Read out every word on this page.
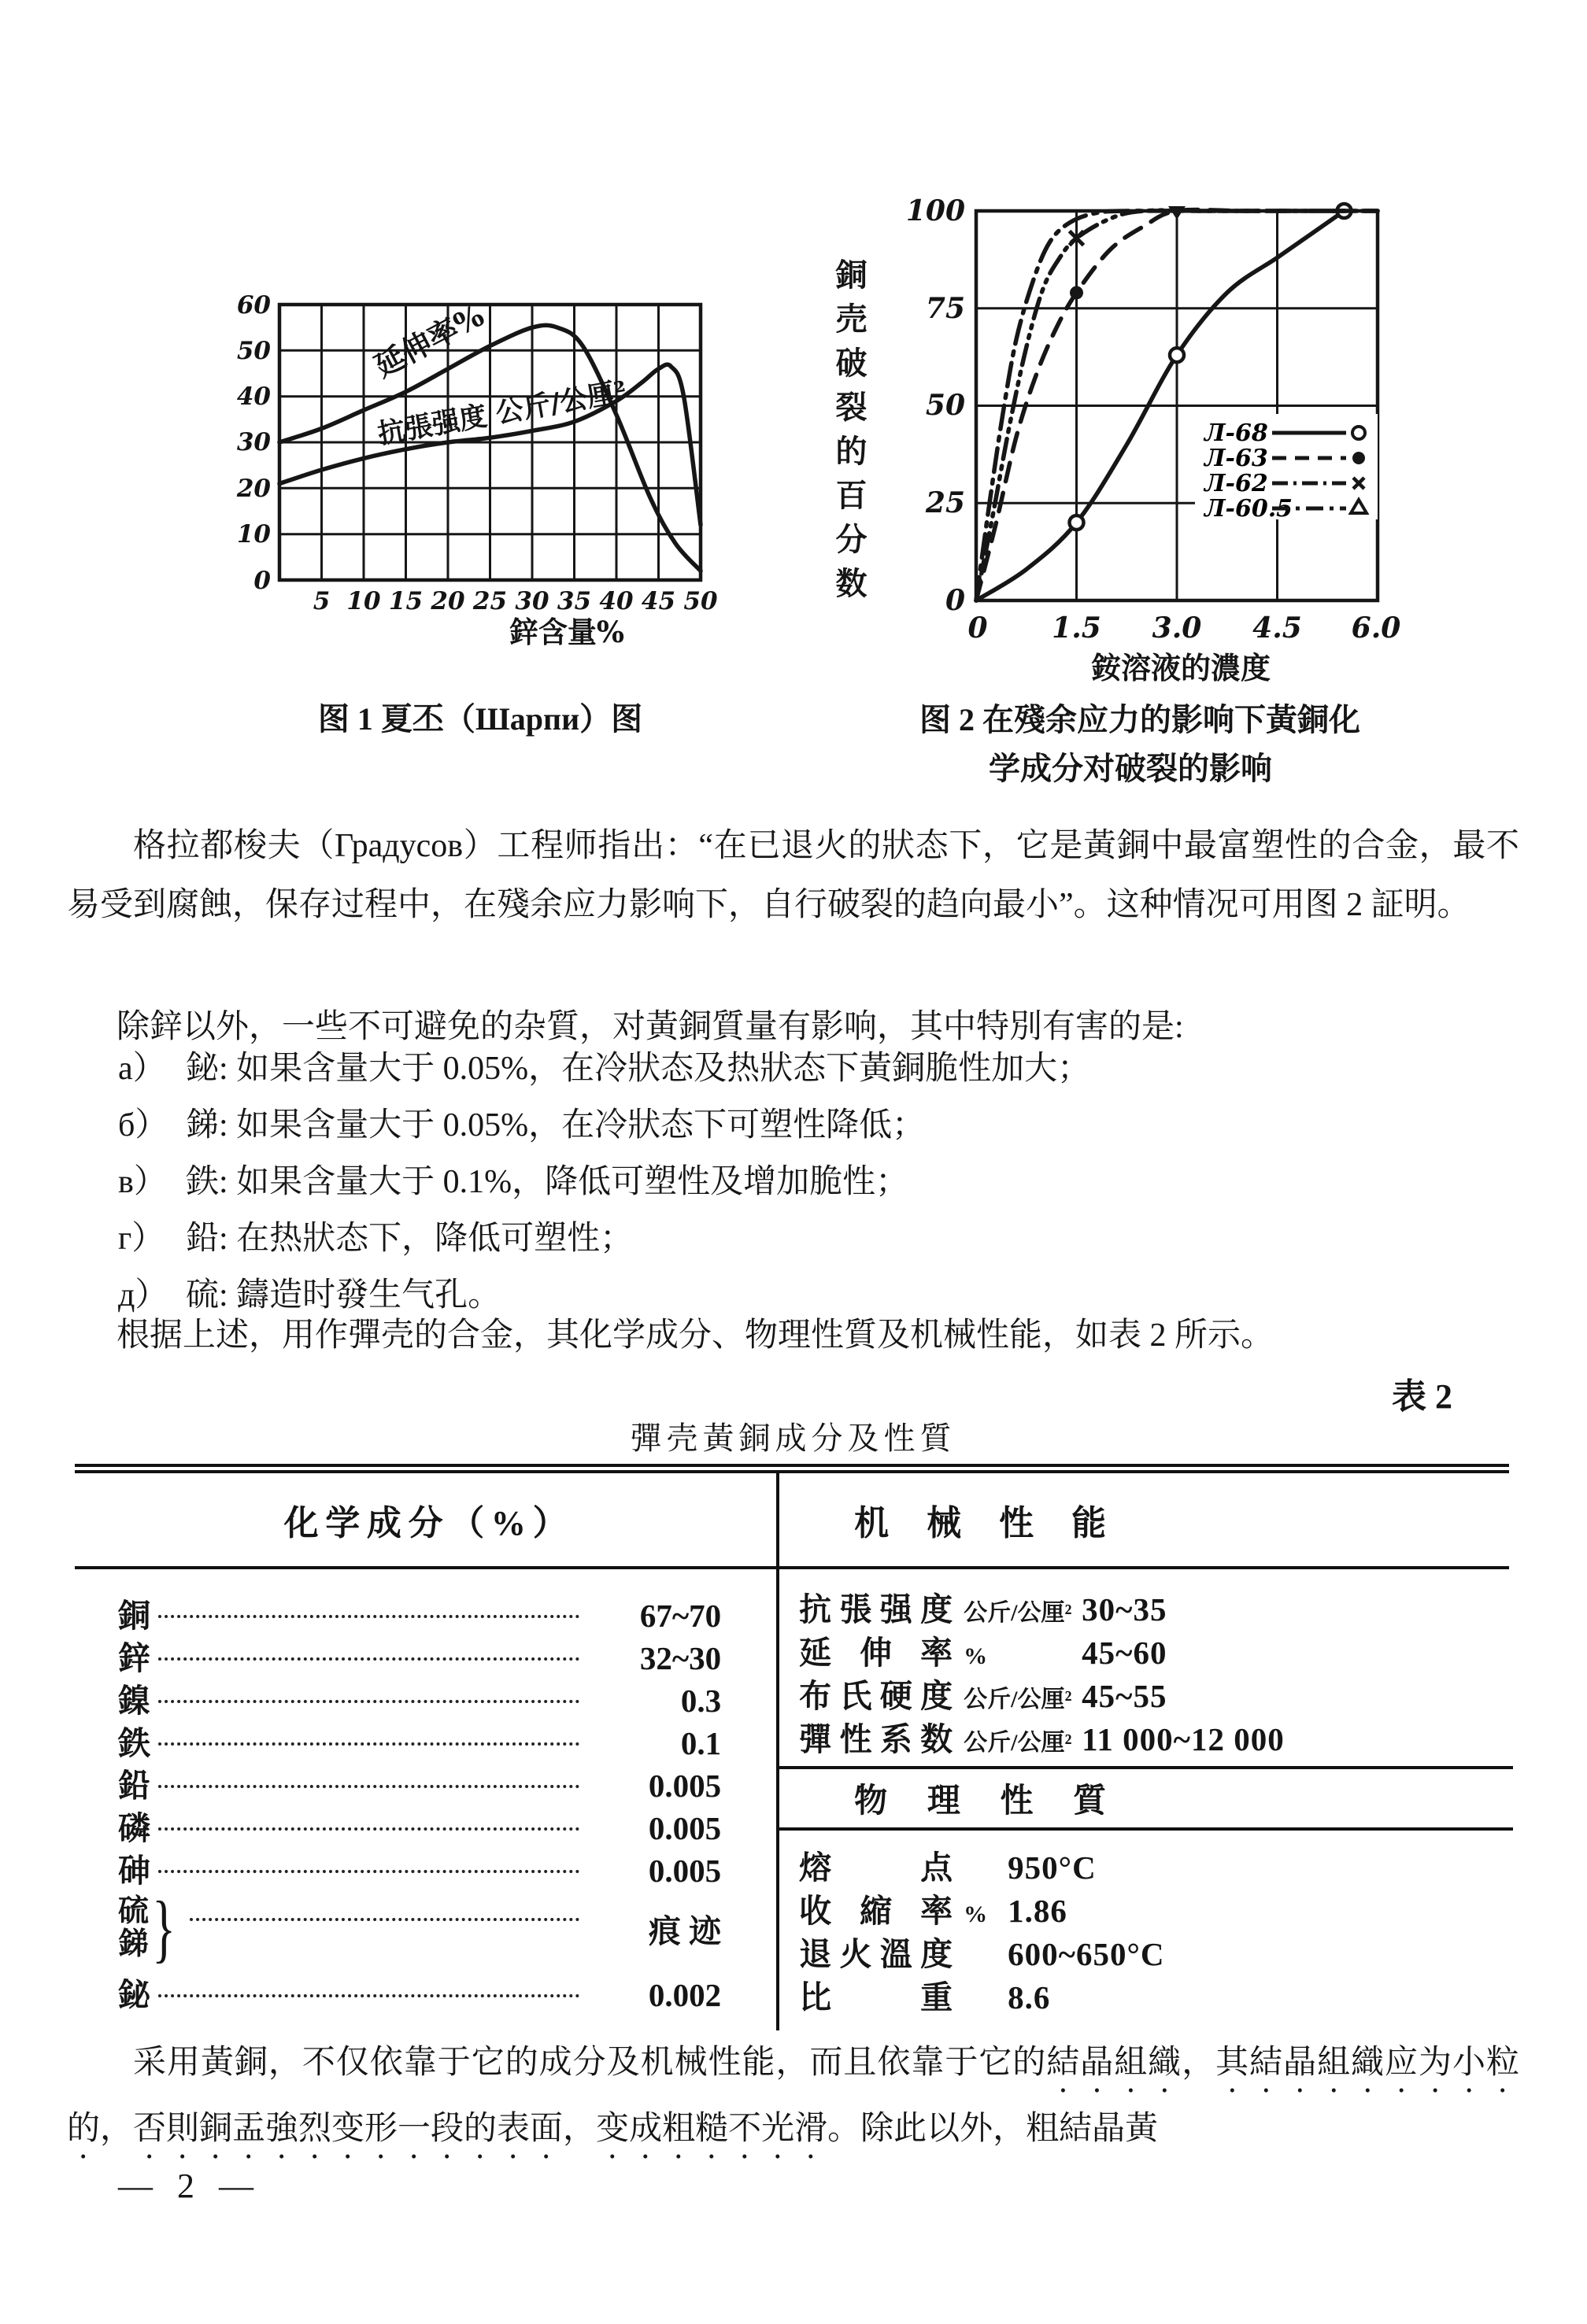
延伸率%
抗張强度 公斤/公厘²
60
50
40
30
20
10
0
5 10 15 20 25 30 35 40 45 50
鋅含量%
图 1 夏丕（Шарпи）图
銅売破裂的百分数	Л-68
Л-63
Л-62
Л-60.5
100
75
50
25
0
0 1.5 3.0 4.5 6.0
銨溶液的濃度
图 2 在殘余应力的影响下黃銅化
学成分对破裂的影响

格拉都梭夫（Градусов）工程师指出：“在已退火的狀态下，它是黃銅中最富塑性的合金，最不易受到腐蝕，保存过程中，在殘余应力影响下，自行破裂的趋向最小”。这种情况可用图 2 証明。

除鋅以外，一些不可避免的杂質，对黃銅質量有影响，其中特別有害的是:

а） 鉍: 如果含量大于 0.05%，在冷狀态及热狀态下黃銅脆性加大；
б） 銻: 如果含量大于 0.05%，在冷狀态下可塑性降低；
в） 鉄: 如果含量大于 0.1%，降低可塑性及增加脆性；
г） 鉛: 在热狀态下，降低可塑性；
д） 硫: 鑄造时發生气孔。

根据上述，用作彈壳的合金，其化学成分、物理性質及机械性能，如表 2 所示。

表 2
彈壳黃銅成分及性質
化学成分（%）
銅	67~70
鋅	32~30
鎳	0.3
鉄	0.1
鉛	0.005
磷	0.005
砷	0.005
硫
銻 }	痕 迹
鉍	0.002
机械性能
抗張强度 公斤/公厘² 30~35
延伸率 %	45~60
布氏硬度 公斤/公厘² 45~55
彈性系数 公斤/公厘² 11 000~12 000
物理性質
熔点 950°C
收縮率 % 1.86
退火溫度 600~650°C
比重 8.6

采用黃銅，不仅依靠于它的成分及机械性能，而且依靠于它的結晶組織，其結晶組織应为小粒的，否則銅盂強烈变形一段的表面，变成粗糙不光滑。除此以外，粗結晶黃

— 2 —
